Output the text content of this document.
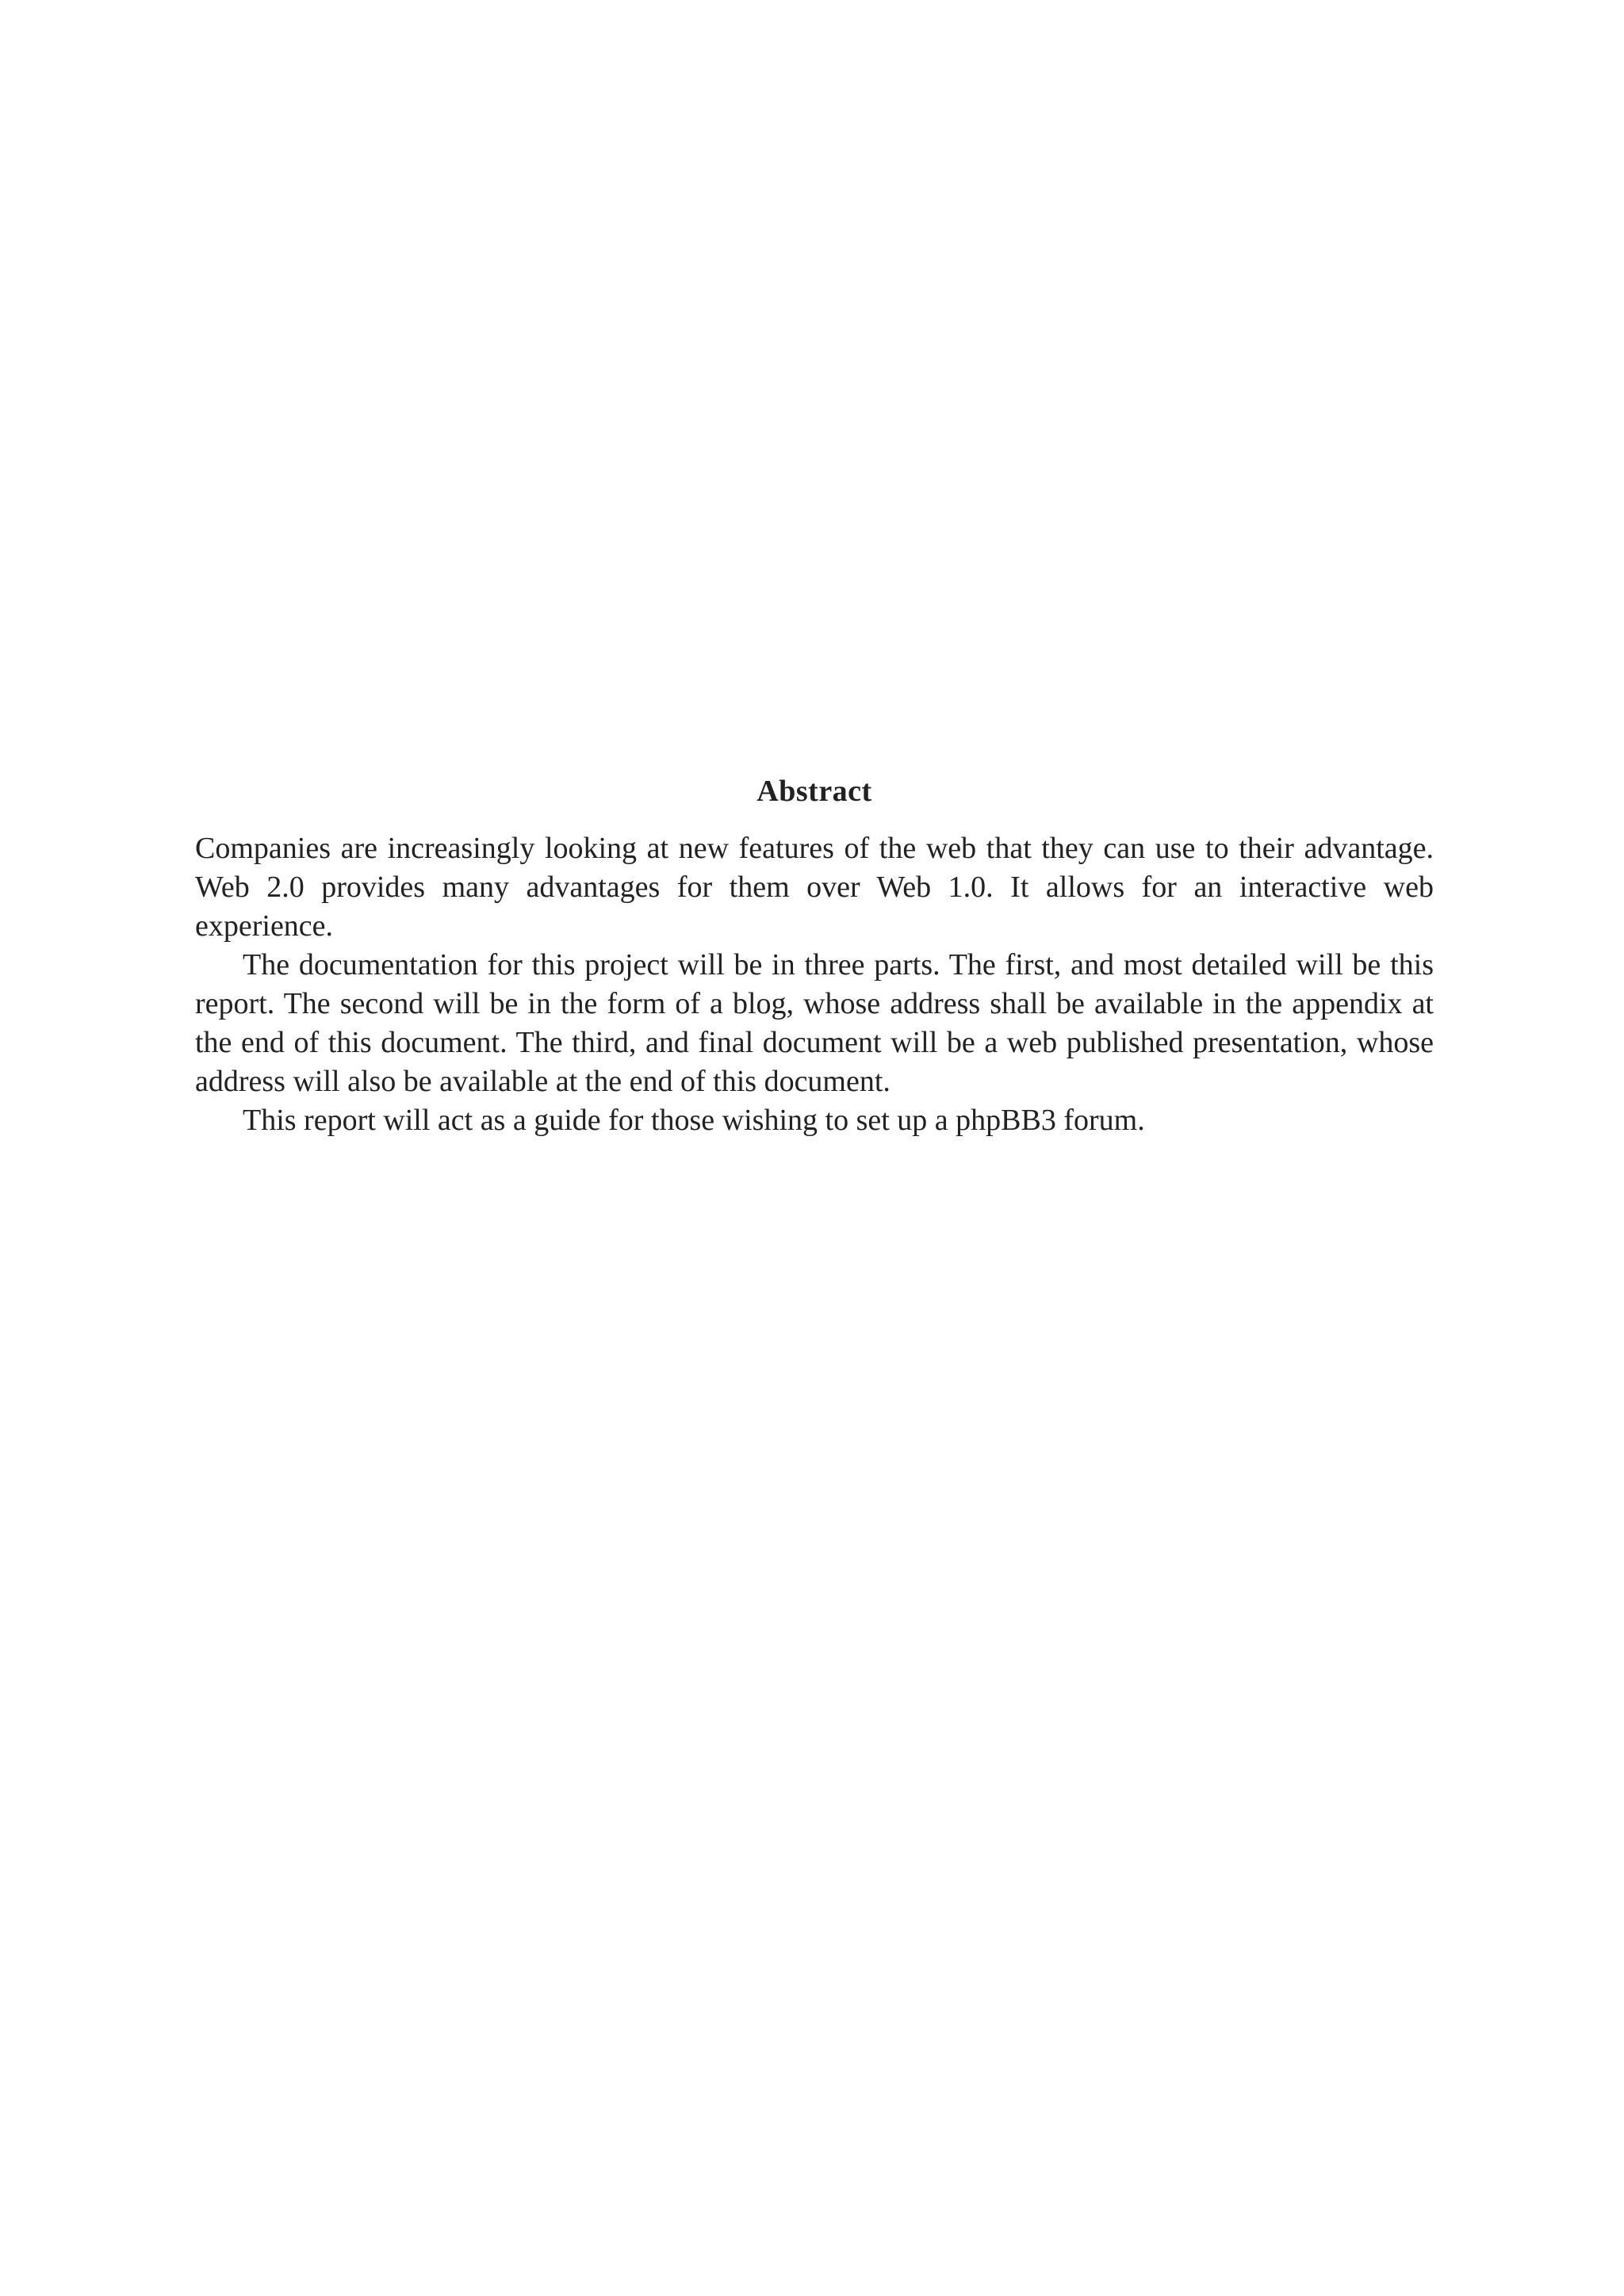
Abstract

Companies are increasingly looking at new features of the web that they can use to their advantage. Web 2.0 provides many advantages for them over Web 1.0. It allows for an interactive web experience.

The documentation for this project will be in three parts. The first, and most detailed will be this report. The second will be in the form of a blog, whose address shall be available in the appendix at the end of this document. The third, and final document will be a web published presentation, whose address will also be available at the end of this document.

This report will act as a guide for those wishing to set up a phpBB3 forum.
